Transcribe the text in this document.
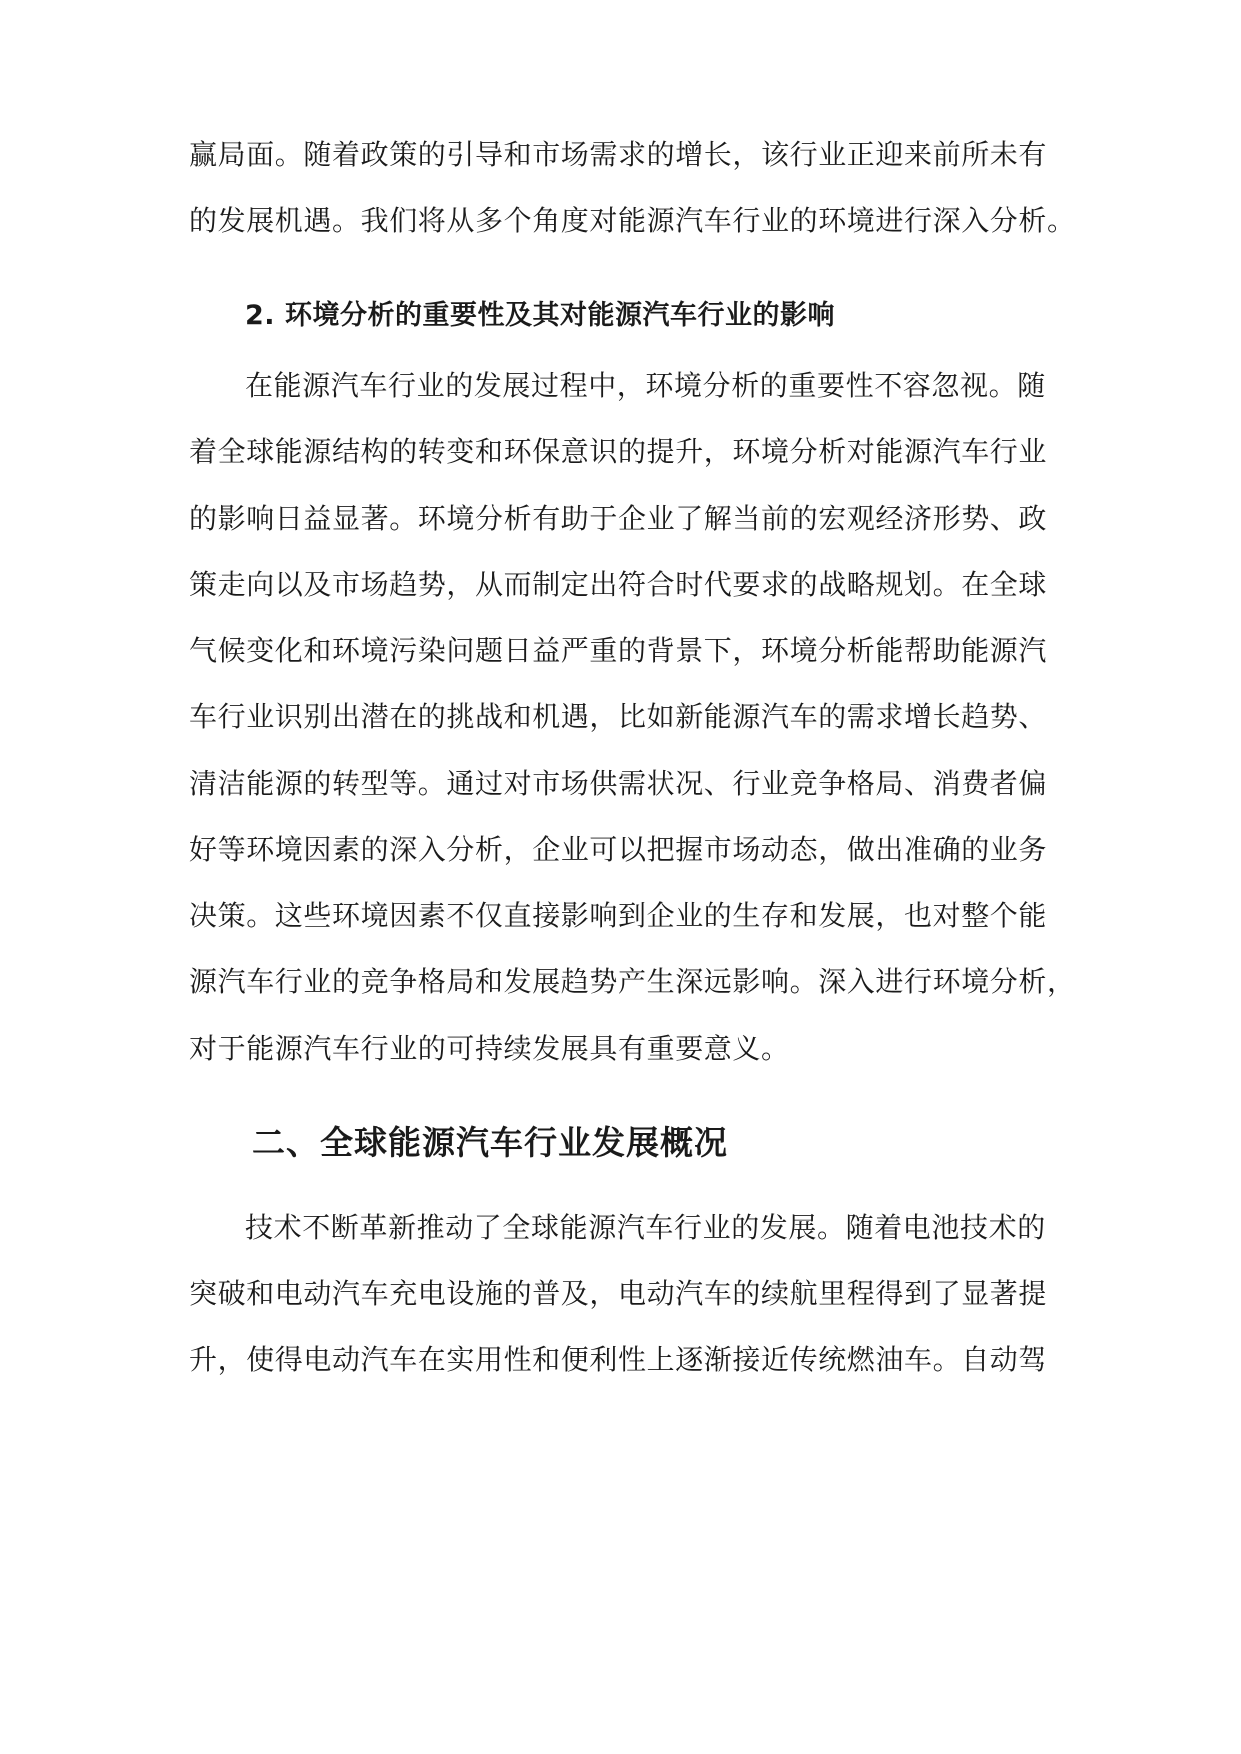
赢局面。随着政策的引导和市场需求的增长，该行业正迎来前所未有
的发展机遇。我们将从多个角度对能源汽车行业的环境进行深入分析。
2. 环境分析的重要性及其对能源汽车行业的影响
在能源汽车行业的发展过程中，环境分析的重要性不容忽视。随
着全球能源结构的转变和环保意识的提升，环境分析对能源汽车行业
的影响日益显著。环境分析有助于企业了解当前的宏观经济形势、政
策走向以及市场趋势，从而制定出符合时代要求的战略规划。在全球
气候变化和环境污染问题日益严重的背景下，环境分析能帮助能源汽
车行业识别出潜在的挑战和机遇，比如新能源汽车的需求增长趋势、
清洁能源的转型等。通过对市场供需状况、行业竞争格局、消费者偏
好等环境因素的深入分析，企业可以把握市场动态，做出准确的业务
决策。这些环境因素不仅直接影响到企业的生存和发展，也对整个能
源汽车行业的竞争格局和发展趋势产生深远影响。深入进行环境分析，
对于能源汽车行业的可持续发展具有重要意义。
二、全球能源汽车行业发展概况
技术不断革新推动了全球能源汽车行业的发展。随着电池技术的
突破和电动汽车充电设施的普及，电动汽车的续航里程得到了显著提
升，使得电动汽车在实用性和便利性上逐渐接近传统燃油车。自动驾
